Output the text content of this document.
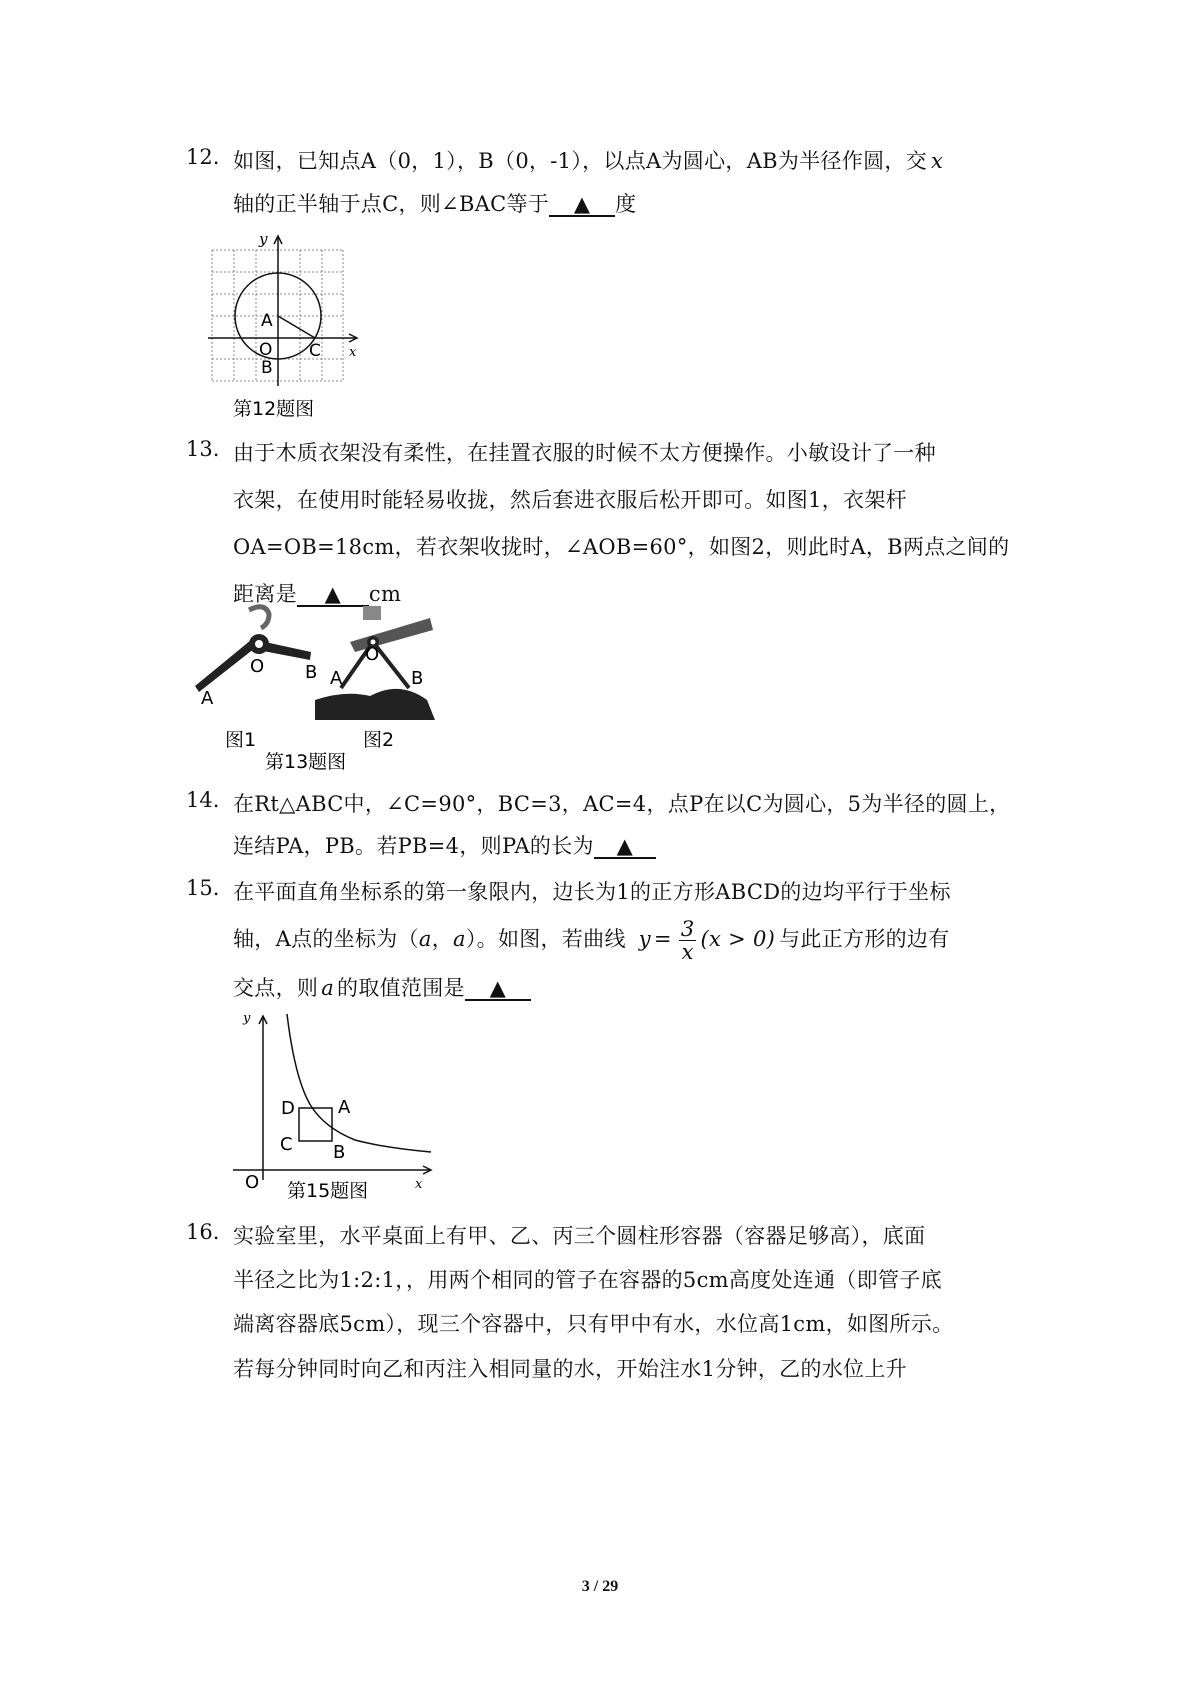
12. 如图，已知点A（0，1），B（0，-1），以点A为圆心，AB为半径作圆，交 x
轴的正半轴于点C，则∠BAC等于 ▲ 度
y
x
A
O
B
C
第12题图
13. 由于木质衣架没有柔性，在挂置衣服的时候不太方便操作。小敏设计了一种
衣架，在使用时能轻易收拢，然后套进衣服后松开即可。如图1，衣架杆
OA=OB=18cm，若衣架收拢时，∠AOB=60°，如图2，则此时A，B两点之间的
距离是 ▲ cm
O
A
B
O
A	B
图1	图2
第13题图
14. 在Rt△ABC中，∠C=90°，BC=3，AC=4，点P在以C为圆心，5为半径的圆上，
连结PA，PB。若PB=4，则PA的长为 ▲
15. 在平面直角坐标系的第一象限内，边长为1的正方形ABCD的边均平行于坐标
轴，A点的坐标为（a，a）。如图，若曲线 $y = \frac{3}{x} (x > 0)$ 与此正方形的边有
交点，则 a 的取值范围是 ▲
y
x
O
D A
C B
第15题图
16. 实验室里，水平桌面上有甲、乙、丙三个圆柱形容器（容器足够高），底面
半径之比为1:2:1，，用两个相同的管子在容器的5cm高度处连通（即管子底
端离容器底5cm），现三个容器中，只有甲中有水，水位高1cm，如图所示。
若每分钟同时向乙和丙注入相同量的水，开始注水1分钟，乙的水位上升
3 / 29
